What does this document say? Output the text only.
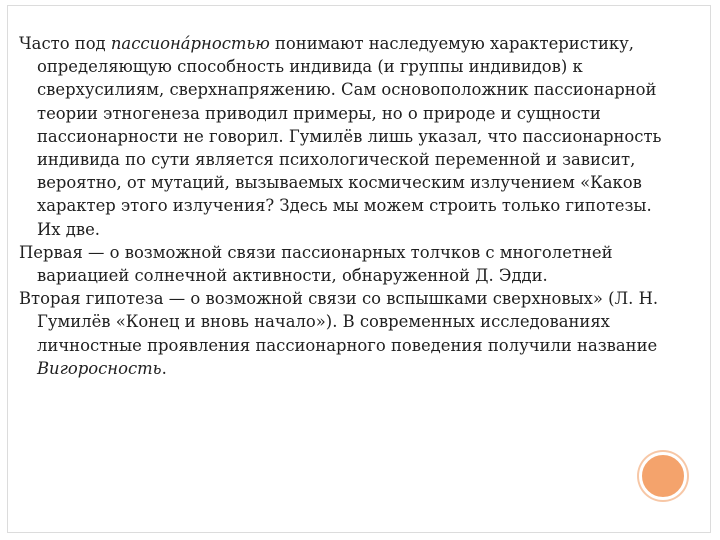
Часто под пассиона́рностью понимают наследуемую характеристику, определяющую способность индивида (и группы индивидов) к сверхусилиям, сверхнапряжению. Сам основоположник пассионарной теории этногенеза приводил примеры, но о природе и сущности пассионарности не говорил. Гумилёв лишь указал, что пассионарность индивида по сути является психологической переменной и зависит, вероятно, от мутаций, вызываемых космическим излучением «Каков характер этого излучения? Здесь мы можем строить только гипотезы. Их две.

Первая — о возможной связи пассионарных толчков с многолетней вариацией солнечной активности, обнаруженной Д. Эдди.

Вторая гипотеза — о возможной связи со вспышками сверхновых» (Л. Н. Гумилёв «Конец и вновь начало»). В современных исследованиях личностные проявления пассионарного поведения получили название Вигоросность.
